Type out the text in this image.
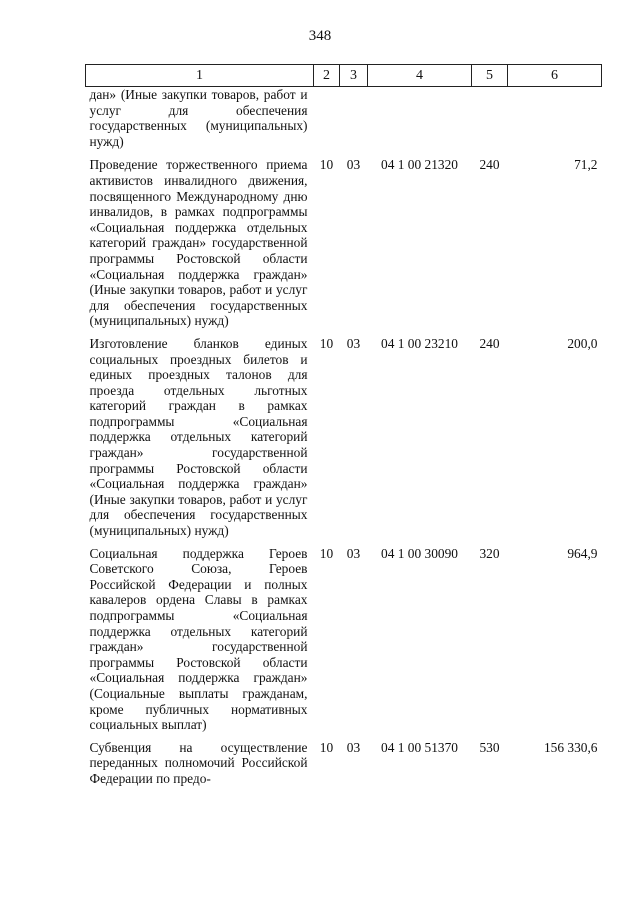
348
1	2	3	4	5	6
дан» (Иные закупки товаров, работ и услуг для обеспечения государственных (муниципальных) нужд)					
Проведение торжественного приема активистов инвалидного движения, посвященного Международному дню инвалидов, в рамках подпрограммы «Социальная поддержка отдельных категорий граждан» государственной программы Ростовской области «Социальная поддержка граждан» (Иные закупки товаров, работ и услуг для обеспечения государственных (муниципальных) нужд)	10	03	04 1 00 21320	240	71,2
Изготовление бланков единых социальных проездных билетов и единых проездных талонов для проезда отдельных льготных категорий граждан в рамках подпрограммы «Социальная поддержка отдельных категорий граждан» государственной программы Ростовской области «Социальная поддержка граждан» (Иные закупки товаров, работ и услуг для обеспечения государственных (муниципальных) нужд)	10	03	04 1 00 23210	240	200,0
Социальная поддержка Героев Советского Союза, Героев Российской Федерации и полных кавалеров ордена Славы в рамках подпрограммы «Социальная поддержка отдельных категорий граждан» государственной программы Ростовской области «Социальная поддержка граждан» (Социальные выплаты гражданам, кроме публичных нормативных социальных выплат)	10	03	04 1 00 30090	320	964,9
Субвенция на осуществление переданных полномочий Российской Федерации по предо-	10	03	04 1 00 51370	530	156 330,6
